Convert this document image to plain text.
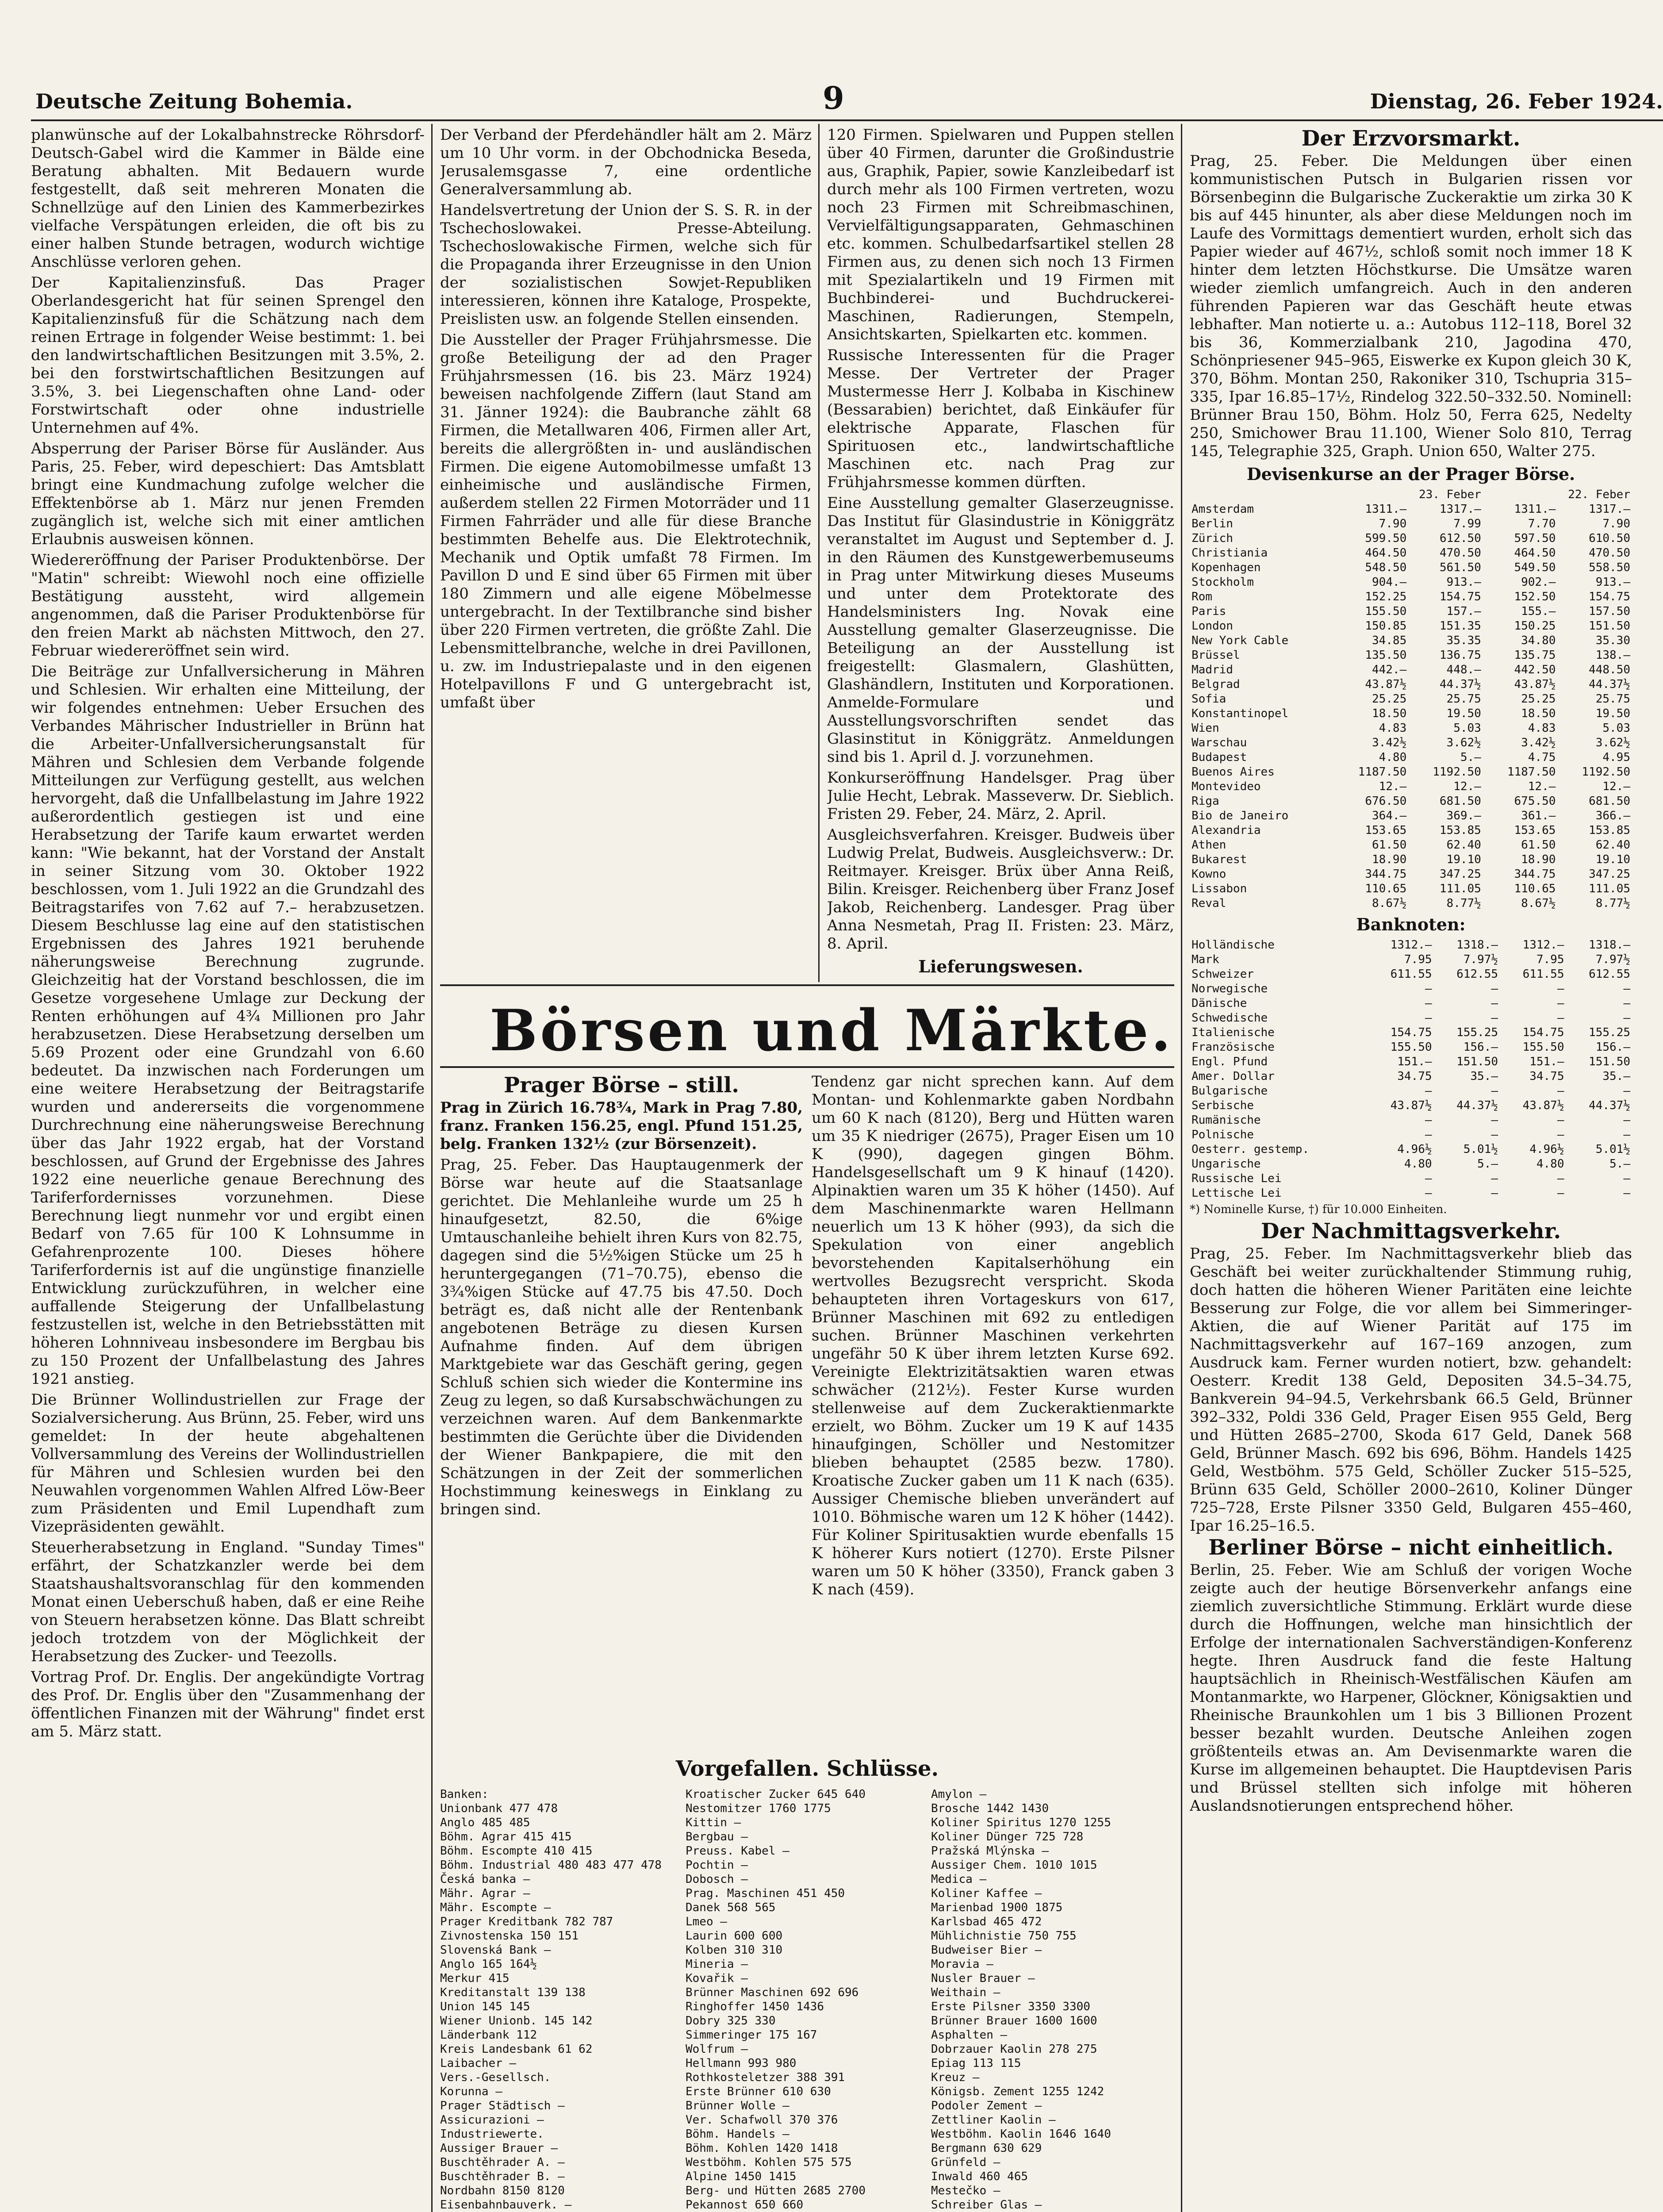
Deutsche Zeitung Bohemia.	9	Dienstag, 26. Feber 1924.

planwünsche auf der Lokalbahnstrecke Röhrsdorf-Deutsch-Gabel wird die Kammer in Bälde eine Beratung abhalten. Mit Bedauern wurde festgestellt, daß seit mehreren Monaten die Schnellzüge auf den Linien des Kammerbezirkes vielfache Verspätungen erleiden, die oft bis zu einer halben Stunde betragen, wodurch wichtige Anschlüsse verloren gehen.

Der Kapitalienzinsfuß. Das Prager Oberlandesgericht hat für seinen Sprengel den Kapitalienzinsfuß für die Schätzung nach dem reinen Ertrage in folgender Weise bestimmt: 1. bei den landwirtschaftlichen Besitzungen mit 3.5%, 2. bei den forstwirtschaftlichen Besitzungen auf 3.5%, 3. bei Liegenschaften ohne Land- oder Forstwirtschaft oder ohne industrielle Unternehmen auf 4%.

Absperrung der Pariser Börse für Ausländer. Aus Paris, 25. Feber, wird depeschiert: Das Amtsblatt bringt eine Kundmachung zufolge welcher die Effektenbörse ab 1. März nur jenen Fremden zugänglich ist, welche sich mit einer amtlichen Erlaubnis ausweisen können.

Wiedereröffnung der Pariser Produktenbörse. Der "Matin" schreibt: Wiewohl noch eine offizielle Bestätigung aussteht, wird allgemein angenommen, daß die Pariser Produktenbörse für den freien Markt ab nächsten Mittwoch, den 27. Februar wiedereröffnet sein wird.

Die Beiträge zur Unfallversicherung in Mähren und Schlesien. Wir erhalten eine Mitteilung, der wir folgendes entnehmen: Ueber Ersuchen des Verbandes Mährischer Industrieller in Brünn hat die Arbeiter-Unfallversicherungsanstalt für Mähren und Schlesien dem Verbande folgende Mitteilungen zur Verfügung gestellt, aus welchen hervorgeht, daß die Unfallbelastung im Jahre 1922 außerordentlich gestiegen ist und eine Herabsetzung der Tarife kaum erwartet werden kann: "Wie bekannt, hat der Vorstand der Anstalt in seiner Sitzung vom 30. Oktober 1922 beschlossen, vom 1. Juli 1922 an die Grundzahl des Beitragstarifes von 7.62 auf 7.– herabzusetzen. Diesem Beschlusse lag eine auf den statistischen Ergebnissen des Jahres 1921 beruhende näherungsweise Berechnung zugrunde. Gleichzeitig hat der Vorstand beschlossen, die im Gesetze vorgesehene Umlage zur Deckung der Renten erhöhungen auf 4¾ Millionen pro Jahr herabzusetzen. Diese Herabsetzung derselben um 5.69 Prozent oder eine Grundzahl von 6.60 bedeutet. Da inzwischen nach Forderungen um eine weitere Herabsetzung der Beitragstarife wurden und andererseits die vorgenommene Durchrechnung eine näherungsweise Berechnung über das Jahr 1922 ergab, hat der Vorstand beschlossen, auf Grund der Ergebnisse des Jahres 1922 eine neuerliche genaue Berechnung des Tariferfordernisses vorzunehmen. Diese Berechnung liegt nunmehr vor und ergibt einen Bedarf von 7.65 für 100 K Lohnsumme in Gefahrenprozente 100. Dieses höhere Tariferfordernis ist auf die ungünstige finanzielle Entwicklung zurückzuführen, in welcher eine auffallende Steigerung der Unfallbelastung festzustellen ist, welche in den Betriebsstätten mit höheren Lohnniveau insbesondere im Bergbau bis zu 150 Prozent der Unfallbelastung des Jahres 1921 anstieg.

Die Brünner Wollindustriellen zur Frage der Sozialversicherung. Aus Brünn, 25. Feber, wird uns gemeldet: In der heute abgehaltenen Vollversammlung des Vereins der Wollindustriellen für Mähren und Schlesien wurden bei den Neuwahlen vorgenommen Wahlen Alfred Löw-Beer zum Präsidenten und Emil Lupendhaft zum Vizepräsidenten gewählt.

Steuerherabsetzung in England. "Sunday Times" erfährt, der Schatzkanzler werde bei dem Staatshaushaltsvoranschlag für den kommenden Monat einen Ueberschuß haben, daß er eine Reihe von Steuern herabsetzen könne. Das Blatt schreibt jedoch trotzdem von der Möglichkeit der Herabsetzung des Zucker- und Teezolls.

Vortrag Prof. Dr. Englis. Der angekündigte Vortrag des Prof. Dr. Englis über den "Zusammenhang der öffentlichen Finanzen mit der Währung" findet erst am 5. März statt.

Der Verband der Pferdehändler hält am 2. März um 10 Uhr vorm. in der Obchodnicka Beseda, Jerusalemsgasse 7, eine ordentliche Generalversammlung ab.

Handelsvertretung der Union der S. S. R. in der Tschechoslowakei. Presse-Abteilung. Tschechoslowakische Firmen, welche sich für die Propaganda ihrer Erzeugnisse in den Union der sozialistischen Sowjet-Republiken interessieren, können ihre Kataloge, Prospekte, Preislisten usw. an folgende Stellen einsenden.

Die Aussteller der Prager Frühjahrsmesse. Die große Beteiligung der ad den Prager Frühjahrsmessen (16. bis 23. März 1924) beweisen nachfolgende Ziffern (laut Stand am 31. Jänner 1924): die Baubranche zählt 68 Firmen, die Metallwaren 406, Firmen aller Art, bereits die allergrößten in- und ausländischen Firmen. Die eigene Automobilmesse umfaßt 13 einheimische und ausländische Firmen, außerdem stellen 22 Firmen Motorräder und 11 Firmen Fahrräder und alle für diese Branche bestimmten Behelfe aus. Die Elektrotechnik, Mechanik und Optik umfaßt 78 Firmen. Im Pavillon D und E sind über 65 Firmen mit über 180 Zimmern und alle eigene Möbelmesse untergebracht. In der Textilbranche sind bisher über 220 Firmen vertreten, die größte Zahl. Die Lebensmittelbranche, welche in drei Pavillonen, u. zw. im Industriepalaste und in den eigenen Hotelpavillons F und G untergebracht ist, umfaßt über

120 Firmen. Spielwaren und Puppen stellen über 40 Firmen, darunter die Großindustrie aus, Graphik, Papier, sowie Kanzleibedarf ist durch mehr als 100 Firmen vertreten, wozu noch 23 Firmen mit Schreibmaschinen, Vervielfältigungsapparaten, Gehmaschinen etc. kommen. Schulbedarfsartikel stellen 28 Firmen aus, zu denen sich noch 13 Firmen mit Spezialartikeln und 19 Firmen mit Buchbinderei- und Buchdruckerei-Maschinen, Radierungen, Stempeln, Ansichtskarten, Spielkarten etc. kommen.

Russische Interessenten für die Prager Messe. Der Vertreter der Prager Mustermesse Herr J. Kolbaba in Kischinew (Bessarabien) berichtet, daß Einkäufer für elektrische Apparate, Flaschen für Spirituosen etc., landwirtschaftliche Maschinen etc. nach Prag zur Frühjahrsmesse kommen dürften.

Eine Ausstellung gemalter Glaserzeugnisse. Das Institut für Glasindustrie in Königgrätz veranstaltet im August und September d. J. in den Räumen des Kunstgewerbemuseums in Prag unter Mitwirkung dieses Museums und unter dem Protektorate des Handelsministers Ing. Novak eine Ausstellung gemalter Glaserzeugnisse. Die Beteiligung an der Ausstellung ist freigestellt: Glasmalern, Glashütten, Glashändlern, Instituten und Korporationen. Anmelde-Formulare und Ausstellungsvorschriften sendet das Glasinstitut in Königgrätz. Anmeldungen sind bis 1. April d. J. vorzunehmen.

Konkurseröffnung Handelsger. Prag über Julie Hecht, Lebrak. Masseverw. Dr. Sieblich. Fristen 29. Feber, 24. März, 2. April.

Ausgleichsverfahren. Kreisger. Budweis über Ludwig Prelat, Budweis. Ausgleichsverw.: Dr. Reitmayer. Kreisger. Brüx über Anna Reiß, Bilin. Kreisger. Reichenberg über Franz Josef Jakob, Reichenberg. Landesger. Prag über Anna Nesmetah, Prag II. Fristen: 23. März, 8. April.

Lieferungswesen.

Börsen und Märkte.
Prager Börse – still.

Prag in Zürich 16.78¾, Mark in Prag 7.80, franz. Franken 156.25, engl. Pfund 151.25, belg. Franken 132½ (zur Börsenzeit).

Prag, 25. Feber. Das Hauptaugenmerk der Börse war heute auf die Staatsanlage gerichtet. Die Mehlanleihe wurde um 25 h hinaufgesetzt, 82.50, die 6%ige Umtauschanleihe behielt ihren Kurs von 82.75, dagegen sind die 5½%igen Stücke um 25 h heruntergegangen (71–70.75), ebenso die 3¾%igen Stücke auf 47.75 bis 47.50. Doch beträgt es, daß nicht alle der Rentenbank angebotenen Beträge zu diesen Kursen Aufnahme finden. Auf dem übrigen Marktgebiete war das Geschäft gering, gegen Schluß schien sich wieder die Kontermine ins Zeug zu legen, so daß Kursabschwächungen zu verzeichnen waren. Auf dem Bankenmarkte bestimmten die Gerüchte über die Dividenden der Wiener Bankpapiere, die mit den Schätzungen in der Zeit der sommerlichen Hochstimmung keineswegs in Einklang zu bringen sind.

Tendenz gar nicht sprechen kann. Auf dem Montan- und Kohlenmarkte gaben Nordbahn um 60 K nach (8120), Berg und Hütten waren um 35 K niedriger (2675), Prager Eisen um 10 K (990), dagegen gingen Böhm. Handelsgesellschaft um 9 K hinauf (1420). Alpinaktien waren um 35 K höher (1450). Auf dem Maschinenmarkte waren Hellmann neuerlich um 13 K höher (993), da sich die Spekulation von einer angeblich bevorstehenden Kapitalserhöhung ein wertvolles Bezugsrecht verspricht. Skoda behaupteten ihren Vortageskurs von 617, Brünner Maschinen mit 692 zu entledigen suchen. Brünner Maschinen verkehrten ungefähr 50 K über ihrem letzten Kurse 692. Vereinigte Elektrizitätsaktien waren etwas schwächer (212½). Fester Kurse wurden stellenweise auf dem Zuckeraktienmarkte erzielt, wo Böhm. Zucker um 19 K auf 1435 hinaufgingen, Schöller und Nestomitzer blieben behauptet (2585 bezw. 1780). Kroatische Zucker gaben um 11 K nach (635). Aussiger Chemische blieben unverändert auf 1010. Böhmische waren um 12 K höher (1442). Für Koliner Spiritusaktien wurde ebenfalls 15 K höherer Kurs notiert (1270). Erste Pilsner waren um 50 K höher (3350), Franck gaben 3 K nach (459).

Vorgefallen. Schlüsse.
Banken:
Unionbank 477 478
Anglo 485 485
Böhm. Agrar 415 415
Böhm. Escompte 410 415
Böhm. Industrial 480 483 477 478
Česká banka —
Mähr. Agrar —
Mähr. Escompte —
Prager Kreditbank 782 787
Zivnostenska 150 151
Slovenská Bank —
Anglo 165 164½
Merkur 415
Kreditanstalt 139 138
Union 145 145
Wiener Unionb. 145 142
Länderbank 112
Kreis Landesbank 61 62
Laibacher —
Vers.-Gesellsch.
Korunna —
Prager Städtisch —
Assicurazioni —
Industriewerte.
Aussiger Brauer —
Buschtěhrader A. —
Buschtěhrader B. —
Nordbahn 8150 8120
Eisenbahnbauverk. —
Kroatischer Zucker 645 640
Nestomitzer 1760 1775
Kittin —
Bergbau —
Preuss. Kabel —
Pochtin —
Dobosch —
Prag. Maschinen 451 450
Danek 568 565
Lmeo —
Laurin 600 600
Kolben 310 310
Mineria —
Kovařik —
Brünner Maschinen 692 696
Ringhoffer 1450 1436
Dobry 325 330
Simmeringer 175 167
Wolfrum —
Hellmann 993 980
Rothkosteletzer 388 391
Erste Brünner 610 630
Brünner Wolle —
Ver. Schafwoll 370 376
Böhm. Handels —
Böhm. Kohlen 1420 1418
Westböhm. Kohlen 575 575
Alpine 1450 1415
Berg- und Hütten 2685 2700
Pekannost 650 660
Amylon —
Brosche 1442 1430
Koliner Spiritus 1270 1255
Koliner Dünger 725 728
Pražská Mlýnska —
Aussiger Chem. 1010 1015
Medica —
Koliner Kaffee —
Marienbad 1900 1875
Karlsbad 465 472
Mühlichnistie 750 755
Budweiser Bier —
Moravia —
Nusler Brauer —
Weithain —
Erste Pilsner 3350 3300
Brünner Brauer 1600 1600
Asphalten —
Dobrzauer Kaolin 278 275
Epiag 113 115
Kreuz —
Königsb. Zement 1255 1242
Podoler Zement —
Zettliner Kaolin —
Westböhm. Kaolin 1646 1640
Bergmann 630 629
Grünfeld —
Inwald 460 465
Mestečko —
Schreiber Glas —

Der Erzvorsmarkt.

Prag, 25. Feber. Die Meldungen über einen kommunistischen Putsch in Bulgarien rissen vor Börsenbeginn die Bulgarische Zuckeraktie um zirka 30 K bis auf 445 hinunter, als aber diese Meldungen noch im Laufe des Vormittags dementiert wurden, erholt sich das Papier wieder auf 467½, schloß somit noch immer 18 K hinter dem letzten Höchstkurse. Die Umsätze waren wieder ziemlich umfangreich. Auch in den anderen führenden Papieren war das Geschäft heute etwas lebhafter. Man notierte u. a.: Autobus 112–118, Borel 32 bis 36, Kommerzialbank 210, Jagodina 470, Schönpriesener 945–965, Eiswerke ex Kupon gleich 30 K, 370, Böhm. Montan 250, Rakoniker 310, Tschupria 315–335, Ipar 16.85–17½, Rindelog 322.50–332.50. Nominell: Brünner Brau 150, Böhm. Holz 50, Ferra 625, Nedelty 250, Smichower Brau 11.100, Wiener Solo 810, Terrag 145, Telegraphie 325, Graph. Union 650, Walter 275.

Devisenkurse an der Prager Börse.
	23. Feber		22. Feber	
Amsterdam	1311.—	1317.—	1311.—	1317.—
Berlin	7.90	7.99	7.70	7.90
Zürich	599.50	612.50	597.50	610.50
Christiania	464.50	470.50	464.50	470.50
Kopenhagen	548.50	561.50	549.50	558.50
Stockholm	904.—	913.—	902.—	913.—
Rom	152.25	154.75	152.50	154.75
Paris	155.50	157.—	155.—	157.50
London	150.85	151.35	150.25	151.50
New York Cable	34.85	35.35	34.80	35.30
Brüssel	135.50	136.75	135.75	138.—
Madrid	442.—	448.—	442.50	448.50
Belgrad	43.87½	44.37½	43.87½	44.37½
Sofia	25.25	25.75	25.25	25.75
Konstantinopel	18.50	19.50	18.50	19.50
Wien	4.83	5.03	4.83	5.03
Warschau	3.42½	3.62½	3.42½	3.62½
Budapest	4.80	5.—	4.75	4.95
Buenos Aires	1187.50	1192.50	1187.50	1192.50
Montevideo	12.—	12.—	12.—	12.—
Riga	676.50	681.50	675.50	681.50
Bio de Janeiro	364.—	369.—	361.—	366.—
Alexandria	153.65	153.85	153.65	153.85
Athen	61.50	62.40	61.50	62.40
Bukarest	18.90	19.10	18.90	19.10
Kowno	344.75	347.25	344.75	347.25
Lissabon	110.65	111.05	110.65	111.05
Reval	8.67½	8.77½	8.67½	8.77½
Banknoten:
Holländische	1312.—	1318.—	1312.—	1318.—
Mark	7.95	7.97½	7.95	7.97½
Schweizer	611.55	612.55	611.55	612.55
Norwegische	—	—	—	—
Dänische	—	—	—	—
Schwedische	—	—	—	—
Italienische	154.75	155.25	154.75	155.25
Französische	155.50	156.—	155.50	156.—
Engl. Pfund	151.—	151.50	151.—	151.50
Amer. Dollar	34.75	35.—	34.75	35.—
Bulgarische	—	—	—	—
Serbische	43.87½	44.37½	43.87½	44.37½
Rumänische	—	—	—	—
Polnische	—	—	—	—
Oesterr. gestemp.	4.96½	5.01½	4.96½	5.01½
Ungarische	4.80	5.—	4.80	5.—
Russische Lei	—	—	—	—
Lettische Lei	—	—	—	—

*) Nominelle Kurse, †) für 10.000 Einheiten.

Der Nachmittagsverkehr.

Prag, 25. Feber. Im Nachmittagsverkehr blieb das Geschäft bei weiter zurückhaltender Stimmung ruhig, doch hatten die höheren Wiener Paritäten eine leichte Besserung zur Folge, die vor allem bei Simmeringer-Aktien, die auf Wiener Parität auf 175 im Nachmittagsverkehr auf 167–169 anzogen, zum Ausdruck kam. Ferner wurden notiert, bzw. gehandelt: Oesterr. Kredit 138 Geld, Depositen 34.5–34.75, Bankverein 94–94.5, Verkehrsbank 66.5 Geld, Brünner 392–332, Poldi 336 Geld, Prager Eisen 955 Geld, Berg und Hütten 2685–2700, Skoda 617 Geld, Danek 568 Geld, Brünner Masch. 692 bis 696, Böhm. Handels 1425 Geld, Westböhm. 575 Geld, Schöller Zucker 515–525, Brünn 635 Geld, Schöller 2000–2610, Koliner Dünger 725–728, Erste Pilsner 3350 Geld, Bulgaren 455–460, Ipar 16.25–16.5.

Berliner Börse – nicht einheitlich.

Berlin, 25. Feber. Wie am Schluß der vorigen Woche zeigte auch der heutige Börsenverkehr anfangs eine ziemlich zuversichtliche Stimmung. Erklärt wurde diese durch die Hoffnungen, welche man hinsichtlich der Erfolge der internationalen Sachverständigen-Konferenz hegte. Ihren Ausdruck fand die feste Haltung hauptsächlich in Rheinisch-Westfälischen Käufen am Montanmarkte, wo Harpener, Glöckner, Königsaktien und Rheinische Braunkohlen um 1 bis 3 Billionen Prozent besser bezahlt wurden. Deutsche Anleihen zogen größtenteils etwas an. Am Devisenmarkte waren die Kurse im allgemeinen behauptet. Die Hauptdevisen Paris und Brüssel stellten sich infolge mit höheren Auslandsnotierungen entsprechend höher.
